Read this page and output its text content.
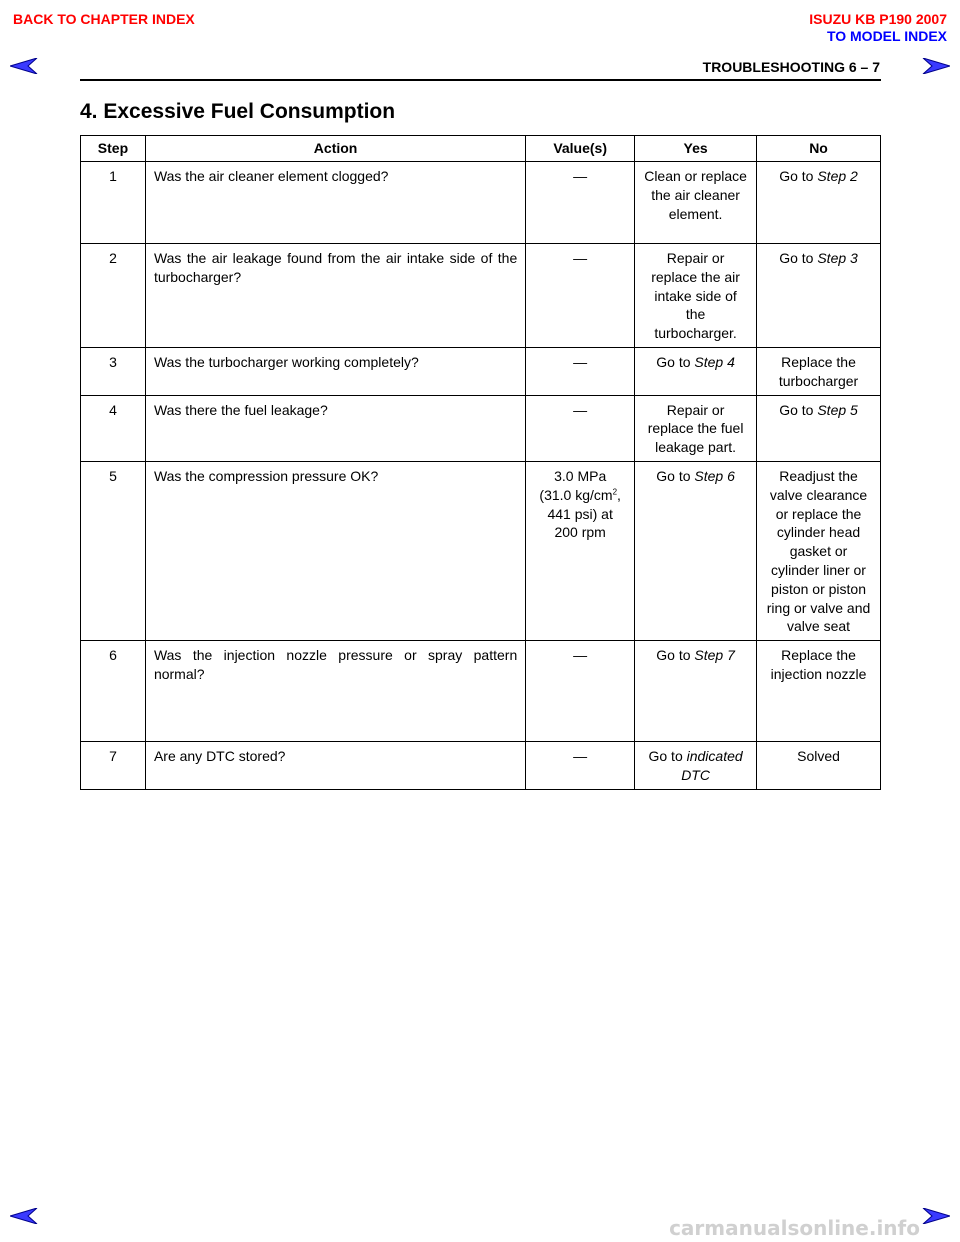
BACK TO CHAPTER INDEX	ISUZU KB P190 2007
TO MODEL INDEX
TROUBLESHOOTING 6 – 7
4. Excessive Fuel Consumption
Step	Action	Value(s)	Yes	No
1	Was the air cleaner element clogged?	—	Clean or replace the air cleaner element.	Go to Step 2
2	Was the air leakage found from the air intake side of the turbocharger?	—	Repair or replace the air intake side of the turbocharger.	Go to Step 3
3	Was the turbocharger working completely?	—	Go to Step 4	Replace the turbocharger
4	Was there the fuel leakage?	—	Repair or replace the fuel leakage part.	Go to Step 5
5	Was the compression pressure OK?	3.0 MPa
(31.0 $kg/cm^2$,
441 psi) at
200 rpm	Go to Step 6	Readjust the valve clearance or replace the cylinder head gasket or cylinder liner or piston or piston ring or valve and valve seat
6	Was the injection nozzle pressure or spray pattern normal?	—	Go to Step 7	Replace the injection nozzle
7	Are any DTC stored?	—	Go to indicated DTC	Solved
carmanualsonline.info
